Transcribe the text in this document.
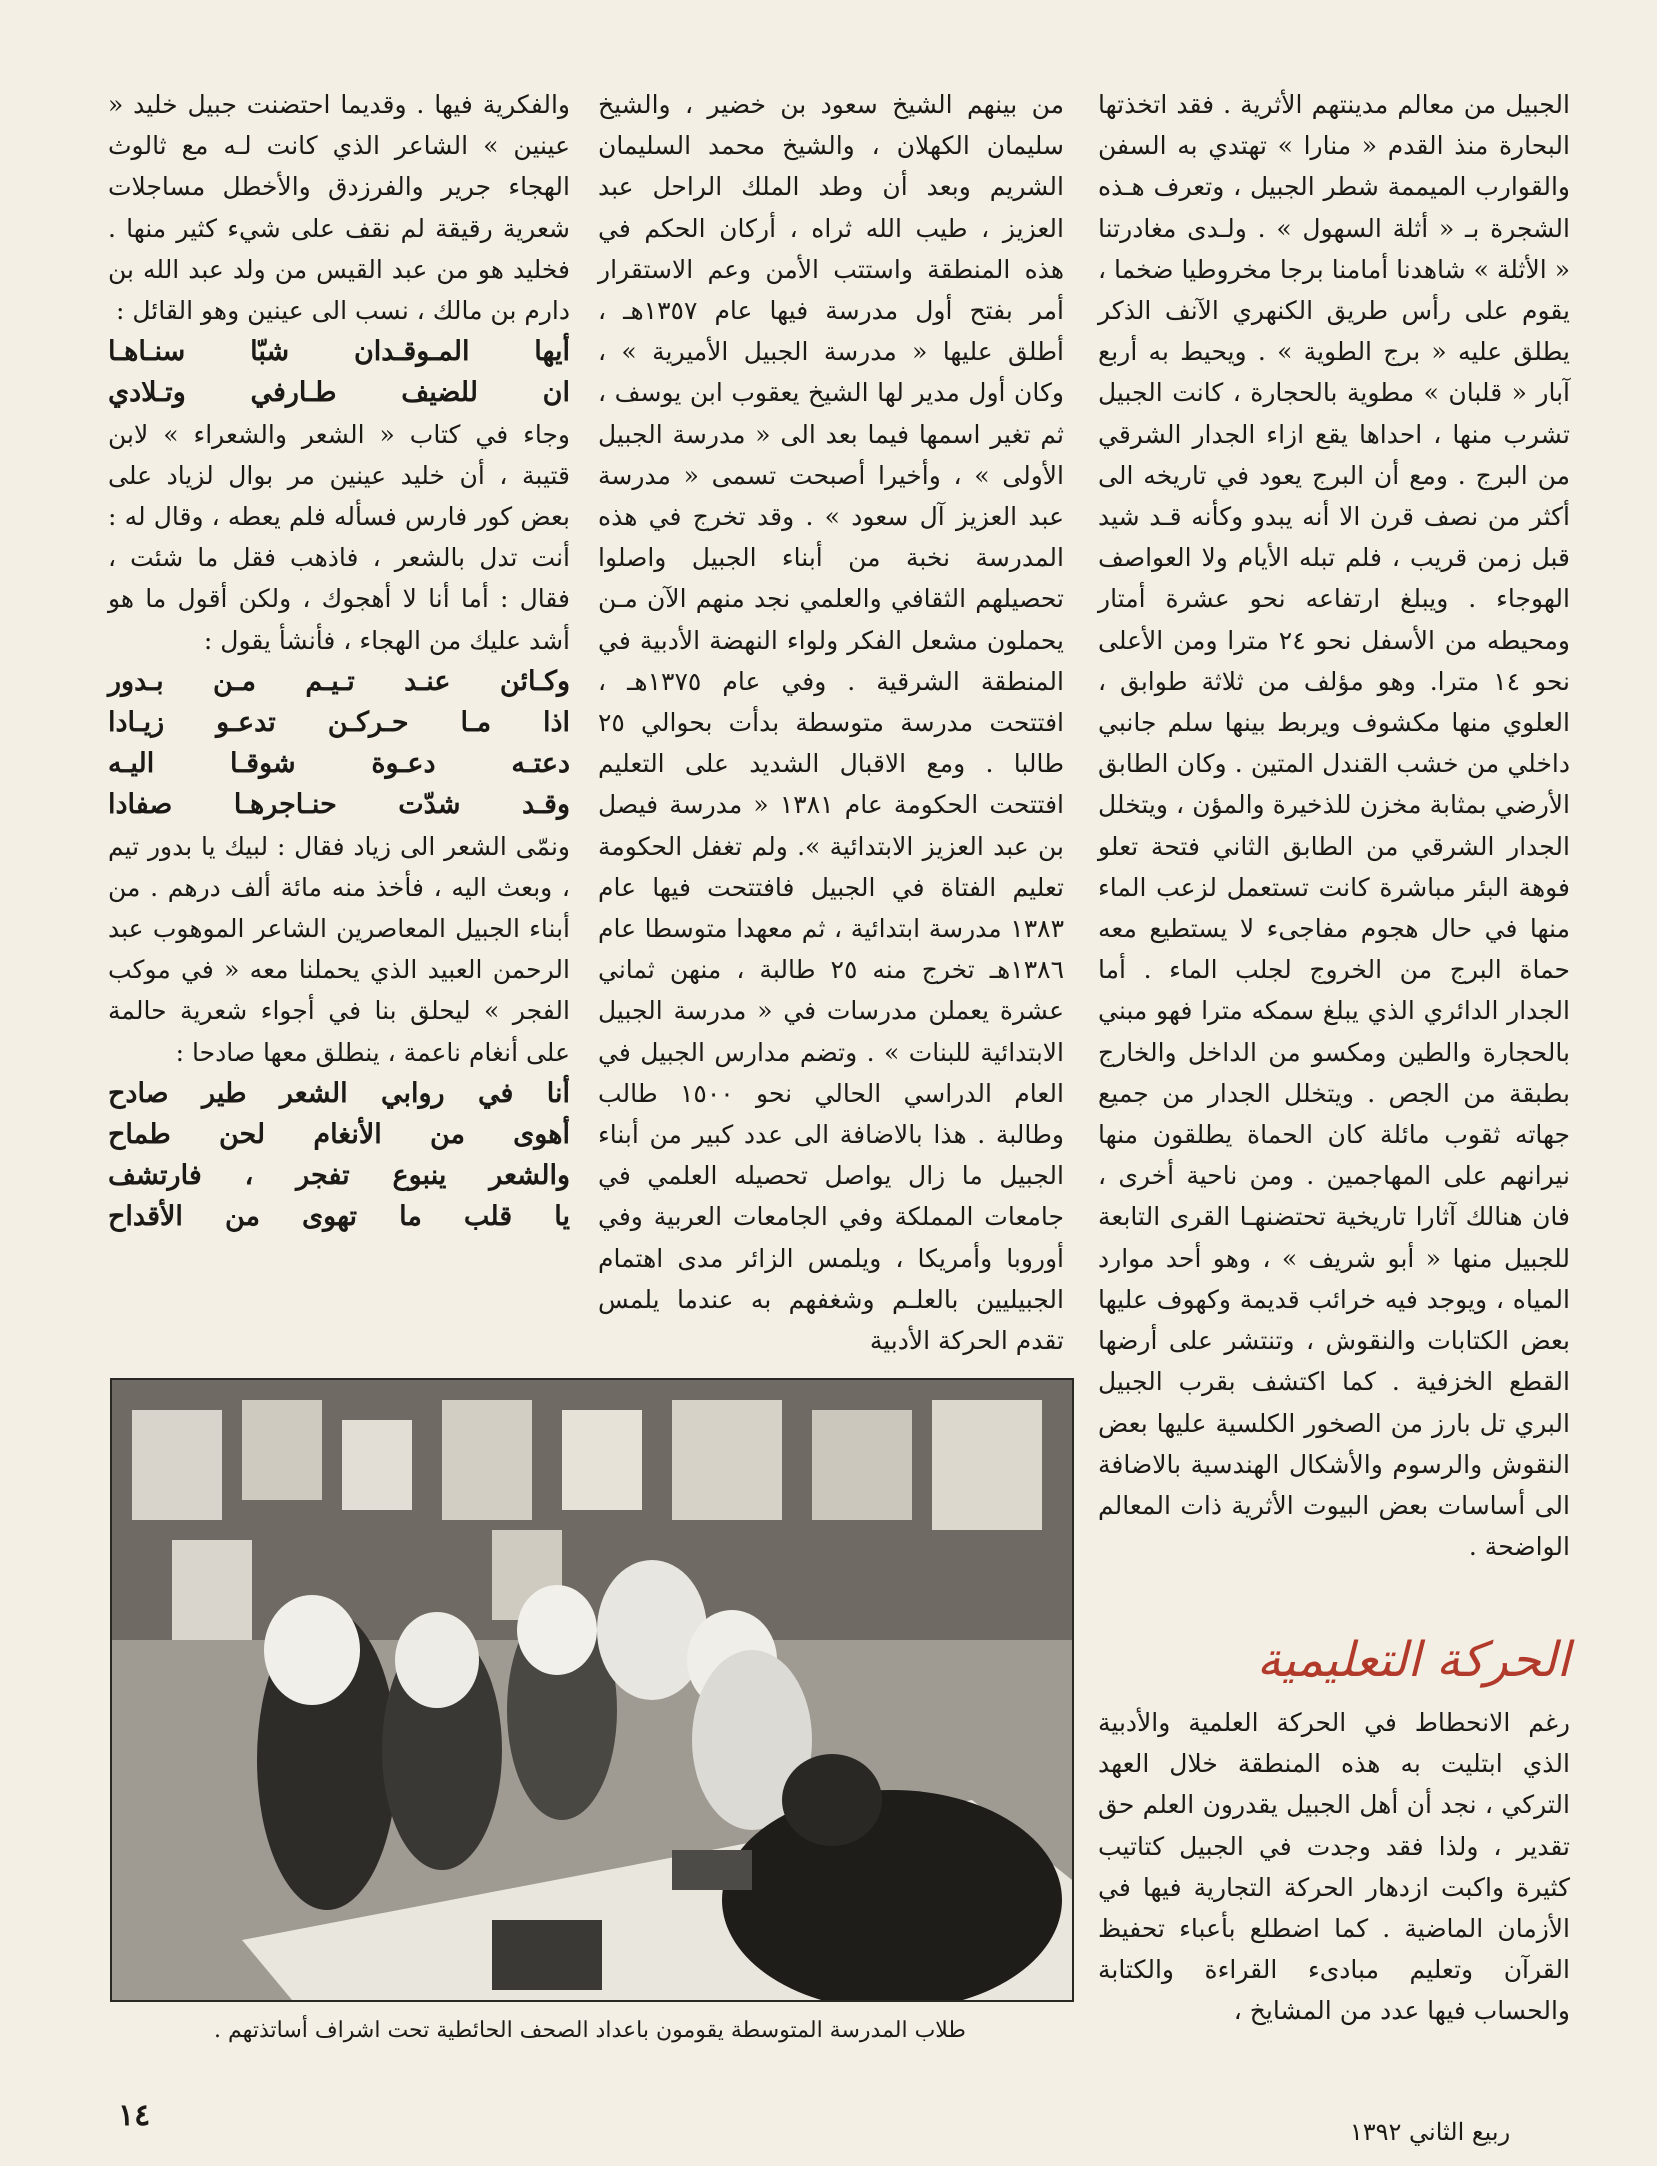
الجبيل من معالم مدينتهم الأثرية . فقد اتخذتها البحارة منذ القدم « منارا » تهتدي به السفن والقوارب الميممة شطر الجبيل ، وتعرف هـذه الشجرة بـ « أثلة السهول » . ولـدى مغادرتنا « الأثلة » شاهدنا أمامنا برجا مخروطيا ضخما ، يقوم على رأس طريق الكنهري الآنف الذكر يطلق عليه « برج الطوية » . ويحيط به أربع آبار « قلبان » مطوية بالحجارة ، كانت الجبيل تشرب منها ، احداها يقع ازاء الجدار الشرقي من البرج . ومع أن البرج يعود في تاريخه الى أكثر من نصف قرن الا أنه يبدو وكأنه قـد شيد قبل زمن قريب ، فلم تبله الأيام ولا العواصف الهوجاء . ويبلغ ارتفاعه نحو عشرة أمتار ومحيطه من الأسفل نحو ٢٤ مترا ومن الأعلى نحو ١٤ مترا. وهو مؤلف من ثلاثة طوابق ، العلوي منها مكشوف ويربط بينها سلم جانبي داخلي من خشب القندل المتين . وكان الطابق الأرضي بمثابة مخزن للذخيرة والمؤن ، ويتخلل الجدار الشرقي من الطابق الثاني فتحة تعلو فوهة البئر مباشرة كانت تستعمل لزعب الماء منها في حال هجوم مفاجىء لا يستطيع معه حماة البرج من الخروج لجلب الماء . أما الجدار الدائري الذي يبلغ سمكه مترا فهو مبني بالحجارة والطين ومكسو من الداخل والخارج بطبقة من الجص . ويتخلل الجدار من جميع جهاته ثقوب مائلة كان الحماة يطلقون منها نيرانهم على المهاجمين . ومن ناحية أخرى ، فان هنالك آثارا تاريخية تحتضنهـا القرى التابعة للجبيل منها « أبو شريف » ، وهو أحد موارد المياه ، ويوجد فيه خرائب قديمة وكهوف عليها بعض الكتابات والنقوش ، وتنتشر على أرضها القطع الخزفية . كما اكتشف بقرب الجبيل البري تل بارز من الصخور الكلسية عليها بعض النقوش والرسوم والأشكال الهندسية بالاضافة الى أساسات بعض البيوت الأثرية ذات المعالم الواضحة .

الحركة التعليمية

رغم الانحطاط في الحركة العلمية والأدبية الذي ابتليت به هذه المنطقة خلال العهد التركي ، نجد أن أهل الجبيل يقدرون العلم حق تقدير ، ولذا فقد وجدت في الجبيل كتاتيب كثيرة واكبت ازدهار الحركة التجارية فيها في الأزمان الماضية . كما اضطلع بأعباء تحفيظ القرآن وتعليم مبادىء القراءة والكتابة والحساب فيها عدد من المشايخ ،

من بينهم الشيخ سعود بن خضير ، والشيخ سليمان الكهلان ، والشيخ محمد السليمان الشريم وبعد أن وطد الملك الراحل عبد العزيز ، طيب الله ثراه ، أركان الحكم في هذه المنطقة واستتب الأمن وعم الاستقرار أمر بفتح أول مدرسة فيها عام ١٣٥٧هـ ، أطلق عليها « مدرسة الجبيل الأميرية » ، وكان أول مدير لها الشيخ يعقوب ابن يوسف ، ثم تغير اسمها فيما بعد الى « مدرسة الجبيل الأولى » ، وأخيرا أصبحت تسمى « مدرسة عبد العزيز آل سعود » . وقد تخرج في هذه المدرسة نخبة من أبناء الجبيل واصلوا تحصيلهم الثقافي والعلمي نجد منهم الآن مـن يحملون مشعل الفكر ولواء النهضة الأدبية في المنطقة الشرقية . وفي عام ١٣٧٥هـ ، افتتحت مدرسة متوسطة بدأت بحوالي ٢٥ طالبا . ومع الاقبال الشديد على التعليم افتتحت الحكومة عام ١٣٨١ « مدرسة فيصل بن عبد العزيز الابتدائية ». ولم تغفل الحكومة تعليم الفتاة في الجبيل فافتتحت فيها عام ١٣٨٣ مدرسة ابتدائية ، ثم معهدا متوسطا عام ١٣٨٦هـ تخرج منه ٢٥ طالبة ، منهن ثماني عشرة يعملن مدرسات في « مدرسة الجبيل الابتدائية للبنات » . وتضم مدارس الجبيل في العام الدراسي الحالي نحو ١٥٠٠ طالب وطالبة . هذا بالاضافة الى عدد كبير من أبناء الجبيل ما زال يواصل تحصيله العلمي في جامعات المملكة وفي الجامعات العربية وفي أوروبا وأمريكا ، ويلمس الزائر مدى اهتمام الجبيليين بالعلـم وشغفهم به عندما يلمس تقدم الحركة الأدبية

والفكرية فيها . وقديما احتضنت جبيل خليد « عينين » الشاعر الذي كانت لـه مع ثالوث الهجاء جرير والفرزدق والأخطل مساجلات شعرية رقيقة لم نقف على شيء كثير منها . فخليد هو من عبد القيس من ولد عبد الله بن دارم بن مالك ، نسب الى عينين وهو القائل :

أيها المـوقـدان شبّا سنـاهـا

ان للضيف طـارفي وتـلادي

وجاء في كتاب « الشعر والشعراء » لابن قتيبة ، أن خليد عينين مر بوال لزياد على بعض كور فارس فسأله فلم يعطه ، وقال له : أنت تدل بالشعر ، فاذهب فقل ما شئت ، فقال : أما أنا لا أهجوك ، ولكن أقول ما هو أشد عليك من الهجاء ، فأنشأ يقول :

وكـائن عنـد تـيـم مـن بـدور

اذا مـا حـركـن تدعـو زيـادا

دعتـه دعـوة شوقـا اليـه

وقـد شدّت حنـاجرهـا صفادا

ونمّى الشعر الى زياد فقال : لبيك يا بدور تيم ، وبعث اليه ، فأخذ منه مائة ألف درهم . من أبناء الجبيل المعاصرين الشاعر الموهوب عبد الرحمن العبيد الذي يحملنا معه « في موكب الفجر » ليحلق بنا في أجواء شعرية حالمة على أنغام ناعمة ، ينطلق معها صادحا :

أنا في روابي الشعر طير صادح

أهوى من الأنغام لحن طماح

والشعر ينبوع تفجر ، فارتشف

يا قلب ما تهوى من الأقداح

طلاب المدرسة المتوسطة يقومون باعداد الصحف الحائطية تحت اشراف أساتذتهم .
١٤	ربيع الثاني ١٣٩٢
